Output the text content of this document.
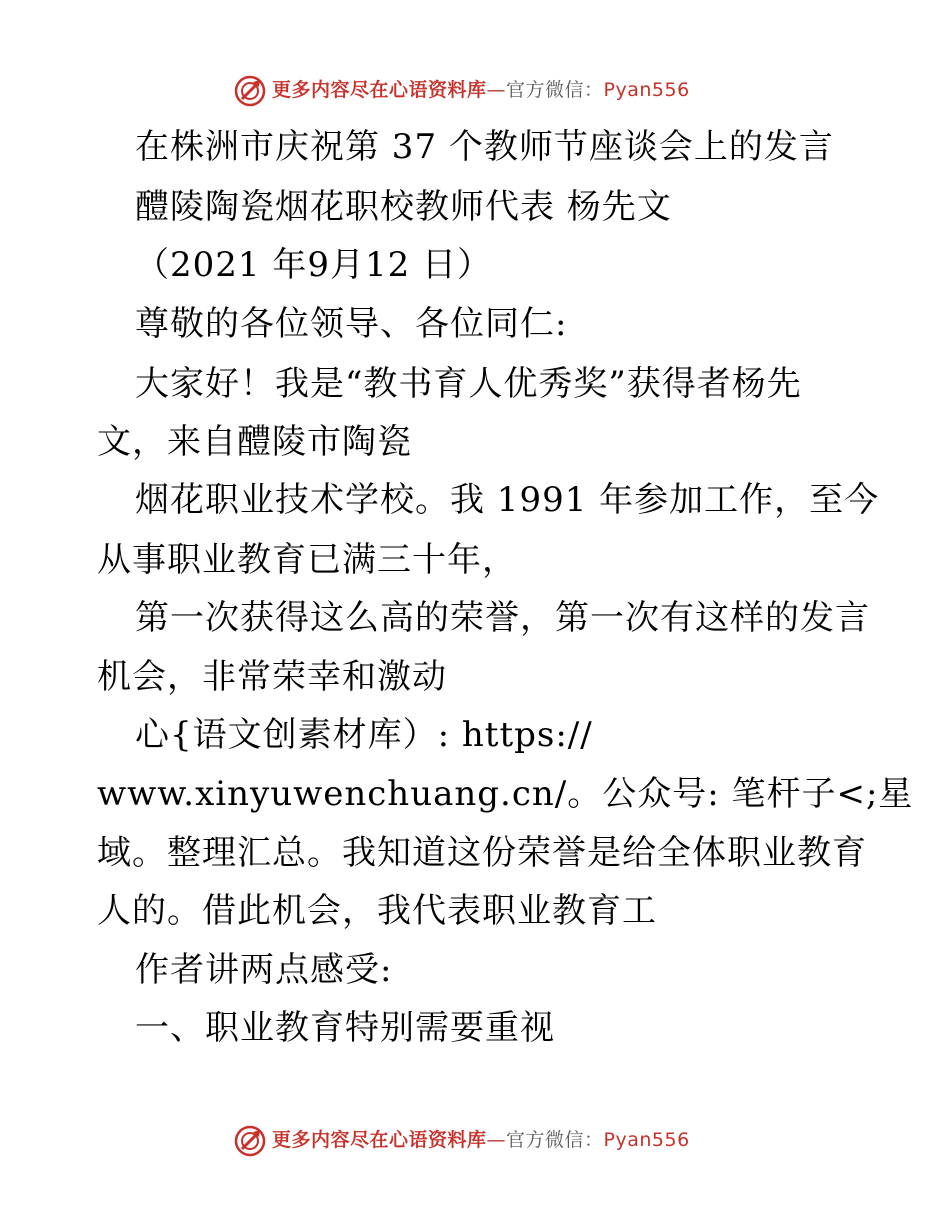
更多内容尽在心语资料库—官方微信：Pyan556
在株洲市庆祝第 37 个教师节座谈会上的发言
醴陵陶瓷烟花职校教师代表 杨先文
（2021 年9月12 日）
尊敬的各位领导、各位同仁:
大家好！我是“教书育人优秀奖”获得者杨先
文，来自醴陵市陶瓷
烟花职业技术学校。我 1991 年参加工作，至今
从事职业教育已满三十年，
第一次获得这么高的荣誉，第一次有这样的发言
机会，非常荣幸和激动
心{语文创素材库）: https://
www.xinyuwenchuang.cn/。公众号: 笔杆子<;星
域。整理汇总。我知道这份荣誉是给全体职业教育
人的。借此机会，我代表职业教育工
作者讲两点感受:
一、职业教育特别需要重视
更多内容尽在心语资料库—官方微信：Pyan556
